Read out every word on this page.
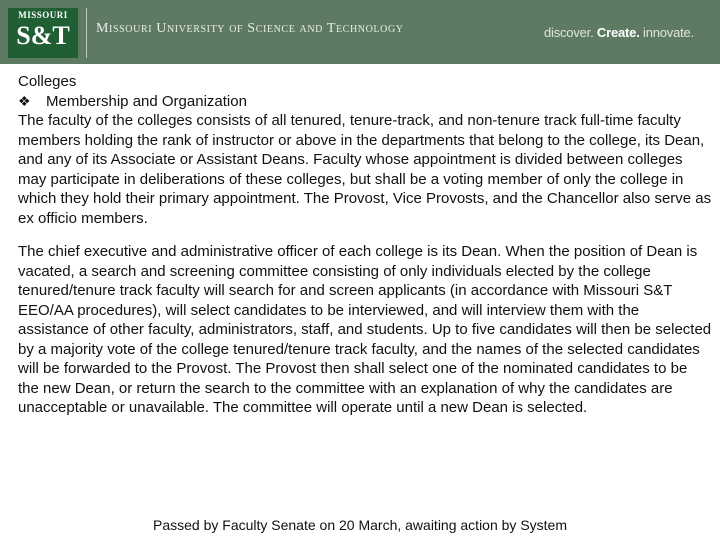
MISSOURI
S&T	Missouri University of Science and Technology	discover. Create. innovate.

Colleges

❖	Membership and Organization

The faculty of the colleges consists of all tenured, tenure-track, and non-tenure track full-time faculty members holding the rank of instructor or above in the departments that belong to the college, its Dean, and any of its Associate or Assistant Deans. Faculty whose appointment is divided between colleges may participate in deliberations of these colleges, but shall be a voting member of only the college in which they hold their primary appointment. The Provost, Vice Provosts, and the Chancellor also serve as ex officio members.

The chief executive and administrative officer of each college is its Dean. When the position of Dean is vacated, a search and screening committee consisting of only individuals elected by the college tenured/tenure track faculty will search for and screen applicants (in accordance with Missouri S&T EEO/AA procedures), will select candidates to be interviewed, and will interview them with the assistance of other faculty, administrators, staff, and students. Up to five candidates will then be selected by a majority vote of the college tenured/tenure track faculty, and the names of the selected candidates will be forwarded to the Provost. The Provost then shall select one of the nominated candidates to be the new Dean, or return the search to the committee with an explanation of why the candidates are unacceptable or unavailable. The committee will operate until a new Dean is selected.

Passed by Faculty Senate on 20 March, awaiting action by System
